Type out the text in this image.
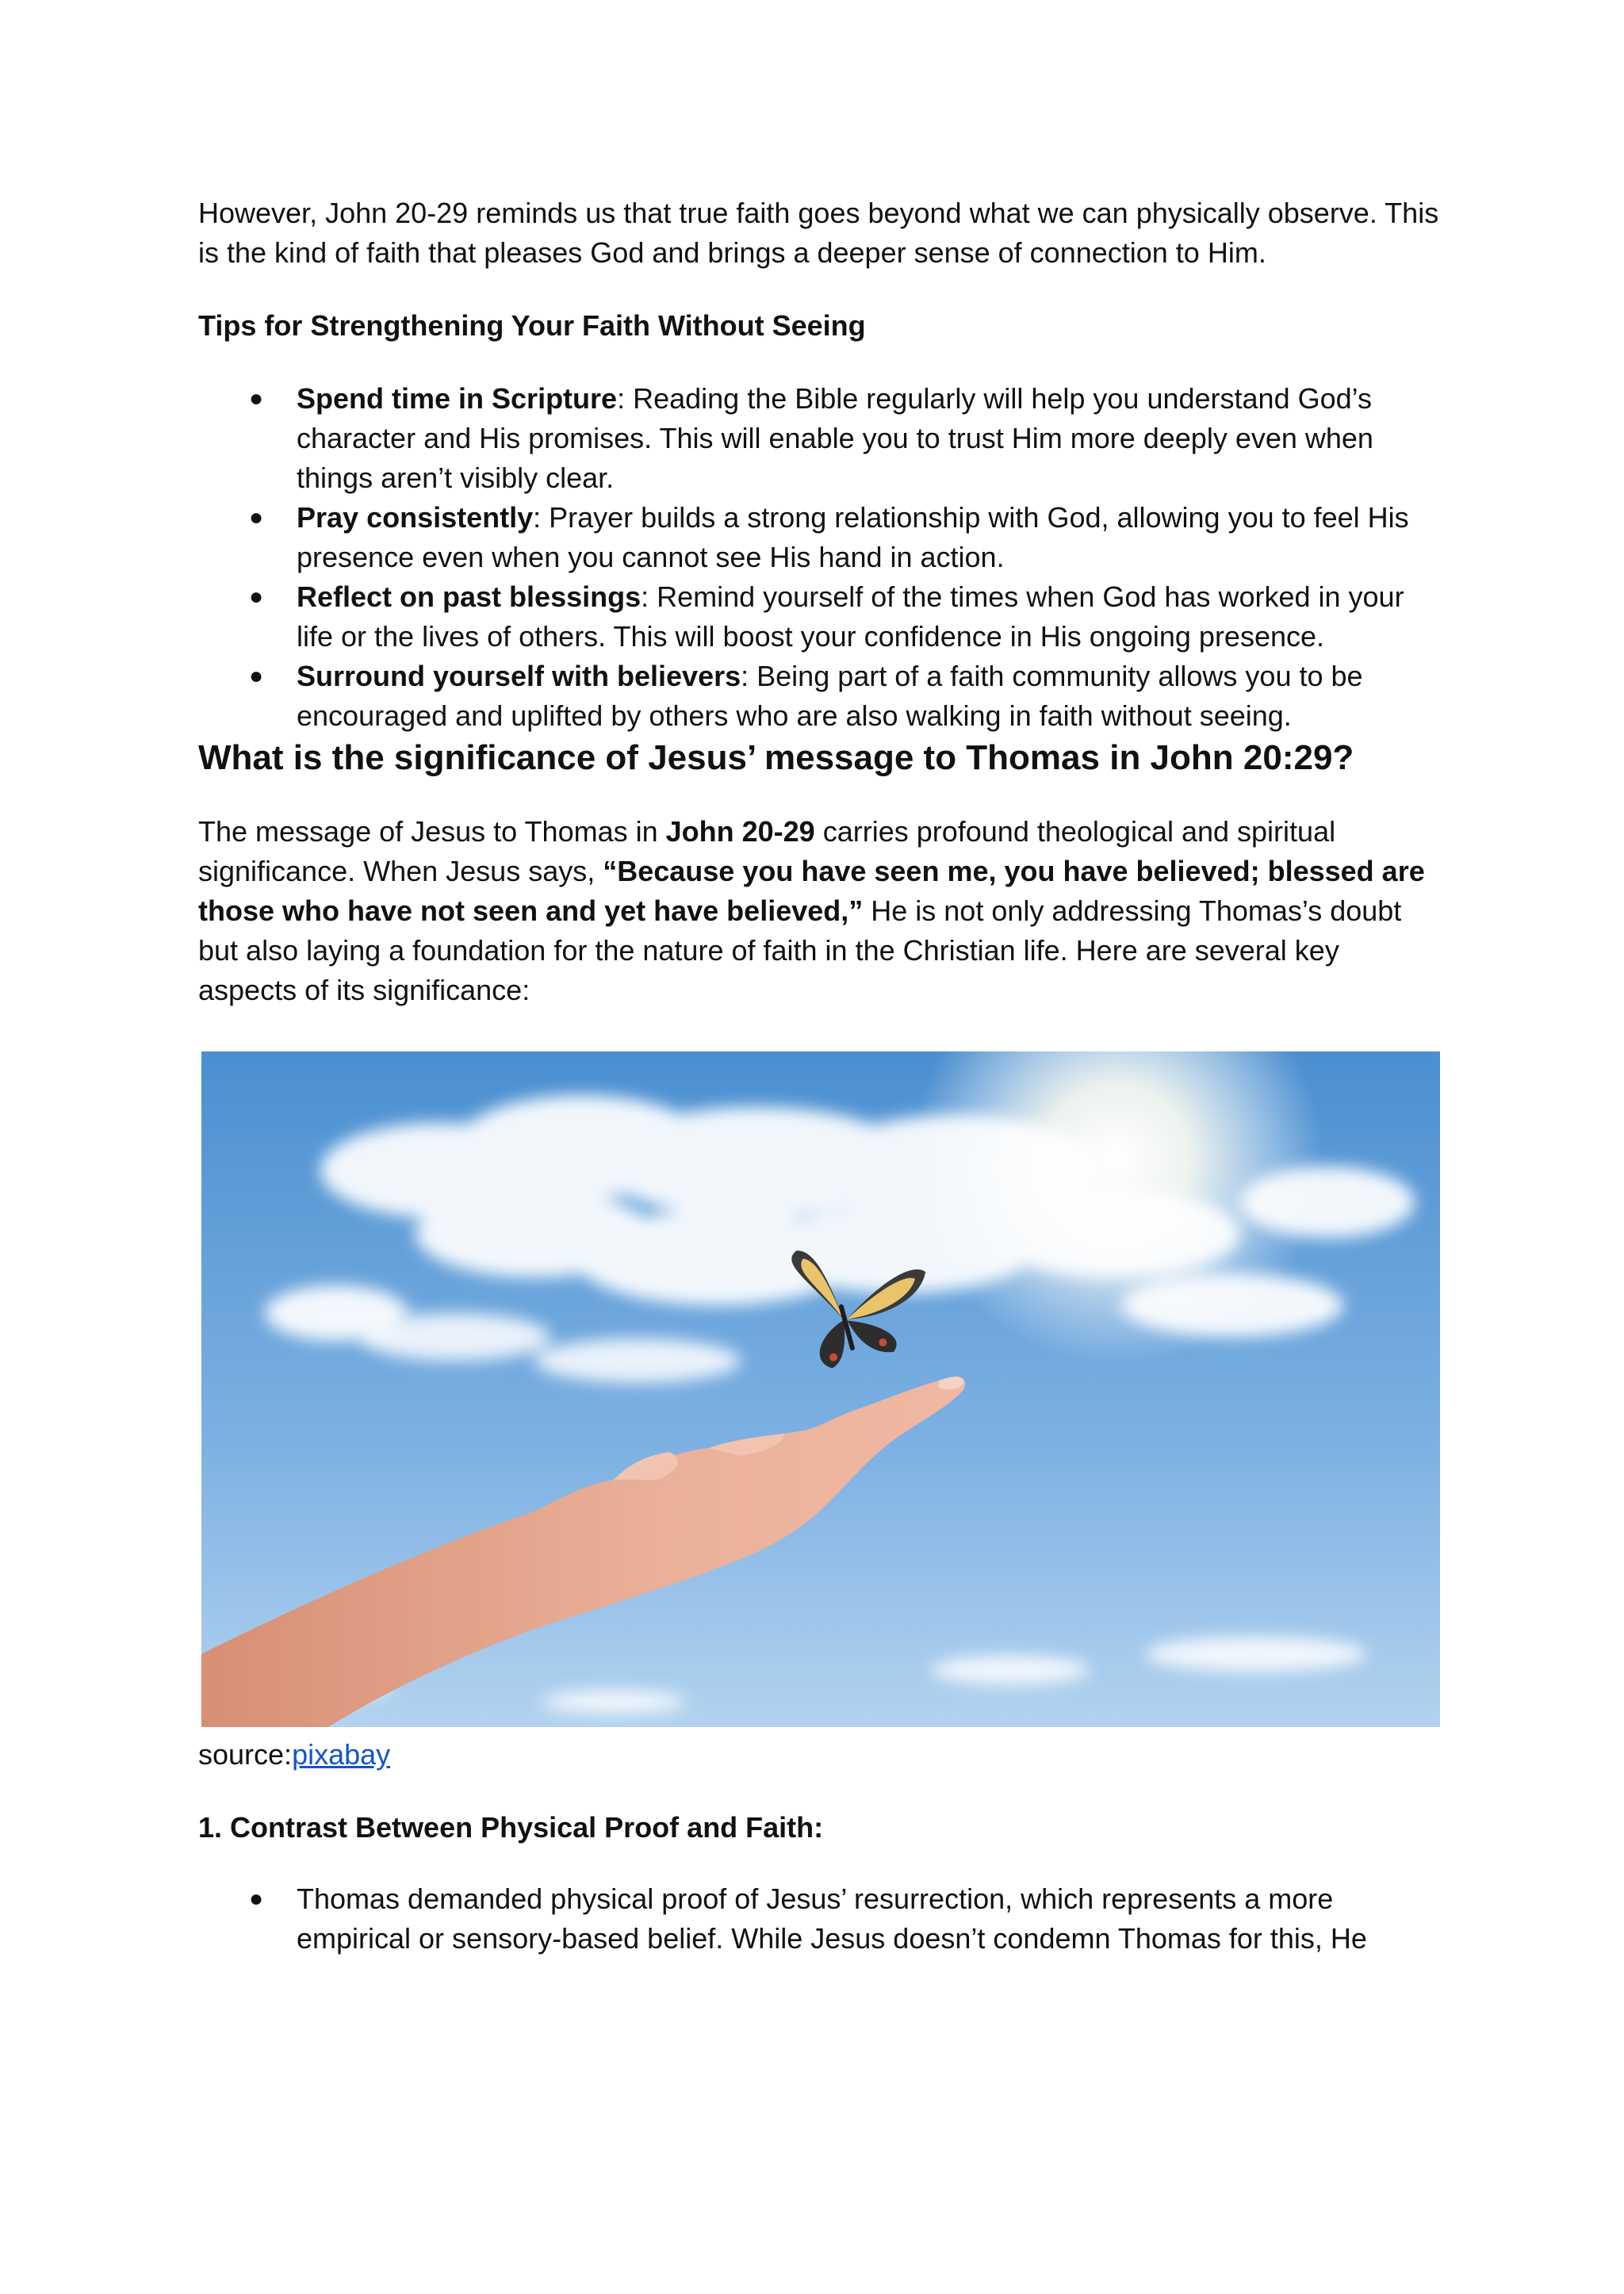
However, John 20-29 reminds us that true faith goes beyond what we can physically observe. This is the kind of faith that pleases God and brings a deeper sense of connection to Him.

Tips for Strengthening Your Faith Without Seeing

● Spend time in Scripture: Reading the Bible regularly will help you understand God’s character and His promises. This will enable you to trust Him more deeply even when things aren’t visibly clear.
● Pray consistently: Prayer builds a strong relationship with God, allowing you to feel His presence even when you cannot see His hand in action.
● Reflect on past blessings: Remind yourself of the times when God has worked in your life or the lives of others. This will boost your confidence in His ongoing presence.
● Surround yourself with believers: Being part of a faith community allows you to be encouraged and uplifted by others who are also walking in faith without seeing.
What is the significance of Jesus’ message to Thomas in John 20:29?

The message of Jesus to Thomas in John 20-29 carries profound theological and spiritual significance. When Jesus says, “Because you have seen me, you have believed; blessed are those who have not seen and yet have believed,” He is not only addressing Thomas’s doubt but also laying a foundation for the nature of faith in the Christian life. Here are several key aspects of its significance:

source:pixabay

1. Contrast Between Physical Proof and Faith:

● Thomas demanded physical proof of Jesus’ resurrection, which represents a more empirical or sensory-based belief. While Jesus doesn’t condemn Thomas for this, He
